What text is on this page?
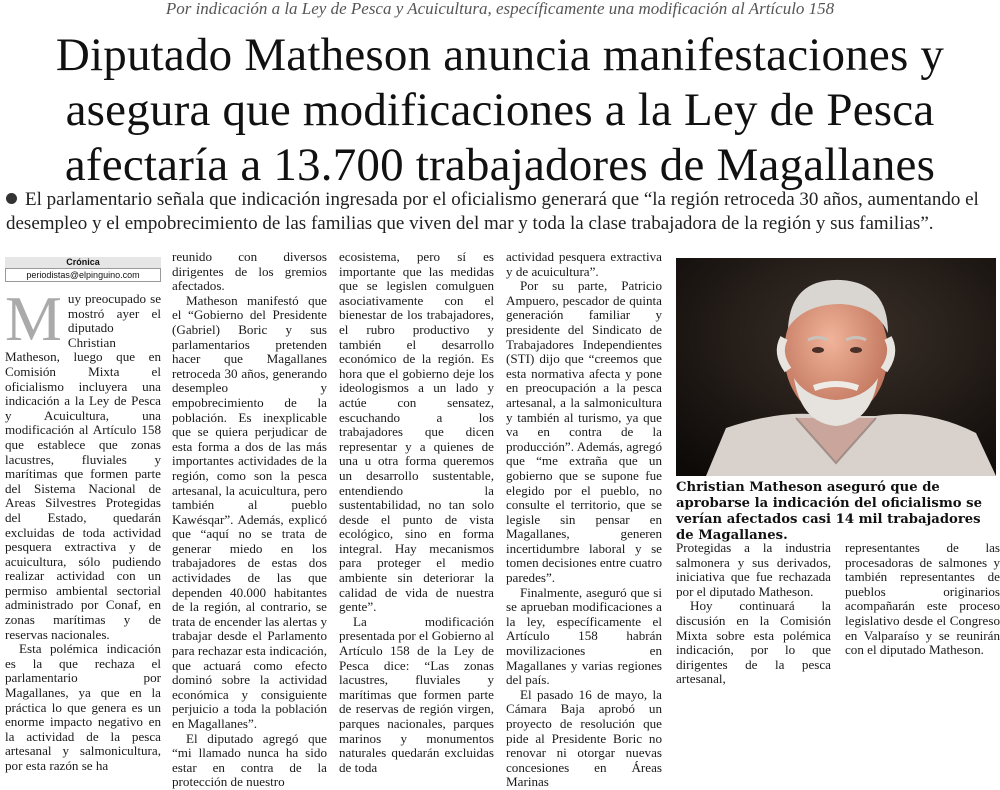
Por indicación a la Ley de Pesca y Acuicultura, específicamente una modificación al Artículo 158
Diputado Matheson anuncia manifestaciones y asegura que modificaciones a la Ley de Pesca afectaría a 13.700 trabajadores de Magallanes
El parlamentario señala que indicación ingresada por el oficialismo generará que “la región retroceda 30 años, aumentando el desempleo y el empobrecimiento de las familias que viven del mar y toda la clase trabajadora de la región y sus familias”.
Crónica
periodistas@elpinguino.com
M uy preocupado se mostró ayer el diputado Christian Matheson, luego que en Comisión Mixta el oficialismo incluyera una indicación a la Ley de Pesca y Acuicultura, una modificación al Artículo 158 que establece que zonas lacustres, fluviales y marítimas que formen parte del Sistema Nacional de Areas Silvestres Protegidas del Estado, quedarán excluidas de toda actividad pesquera extractiva y de acuicultura, sólo pudiendo realizar actividad con un permiso ambiental sectorial administrado por Conaf, en zonas marítimas y de reservas nacionales.

Esta polémica indicación es la que rechaza el parlamentario por Magallanes, ya que en la práctica lo que genera es un enorme impacto negativo en la actividad de la pesca artesanal y salmonicultura, por esta razón se ha

reunido con diversos dirigentes de los gremios afectados.

Matheson manifestó que el “Gobierno del Presidente (Gabriel) Boric y sus parlamentarios pretenden hacer que Magallanes retroceda 30 años, generando desempleo y empobrecimiento de la población. Es inexplicable que se quiera perjudicar de esta forma a dos de las más importantes actividades de la región, como son la pesca artesanal, la acuicultura, pero también al pueblo Kawésqar”. Además, explicó que “aquí no se trata de generar miedo en los trabajadores de estas dos actividades de las que dependen 40.000 habitantes de la región, al contrario, se trata de encender las alertas y trabajar desde el Parlamento para rechazar esta indicación, que actuará como efecto dominó sobre la actividad económica y consiguiente perjuicio a toda la población en Magallanes”.

El diputado agregó que “mi llamado nunca ha sido estar en contra de la protección de nuestro

ecosistema, pero sí es importante que las medidas que se legislen comulguen asociativamente con el bienestar de los trabajadores, el rubro productivo y también el desarrollo económico de la región. Es hora que el gobierno deje los ideologismos a un lado y actúe con sensatez, escuchando a los trabajadores que dicen representar y a quienes de una u otra forma queremos un desarrollo sustentable, entendiendo la sustentabilidad, no tan solo desde el punto de vista ecológico, sino en forma integral. Hay mecanismos para proteger el medio ambiente sin deteriorar la calidad de vida de nuestra gente”.

La modificación presentada por el Gobierno al Artículo 158 de la Ley de Pesca dice: “Las zonas lacustres, fluviales y marítimas que formen parte de reservas de región virgen, parques nacionales, parques marinos y monumentos naturales quedarán excluidas de toda

actividad pesquera extractiva y de acuicultura”.

Por su parte, Patricio Ampuero, pescador de quinta generación familiar y presidente del Sindicato de Trabajadores Independientes (STI) dijo que “creemos que esta normativa afecta y pone en preocupación a la pesca artesanal, a la salmonicultura y también al turismo, ya que va en contra de la producción”. Además, agregó que “me extraña que un gobierno que se supone fue elegido por el pueblo, no consulte el territorio, que se legisle sin pensar en Magallanes, generen incertidumbre laboral y se tomen decisiones entre cuatro paredes”.

Finalmente, aseguró que si se aprueban modificaciones a la ley, específicamente el Artículo 158 habrán movilizaciones en Magallanes y varias regiones del país.

El pasado 16 de mayo, la Cámara Baja aprobó un proyecto de resolución que pide al Presidente Boric no renovar ni otorgar nuevas concesiones en Áreas Marinas

Christian Matheson aseguró que de aprobarse la indicación del oficialismo se verían afectados casi 14 mil trabajadores de Magallanes.

Protegidas a la industria salmonera y sus derivados, iniciativa que fue rechazada por el diputado Matheson.

Hoy continuará la discusión en la Comisión Mixta sobre esta polémica indicación, por lo que dirigentes de la pesca artesanal,

representantes de las procesadoras de salmones y también representantes de pueblos originarios acompañarán este proceso legislativo desde el Congreso en Valparaíso y se reunirán con el diputado Matheson.
